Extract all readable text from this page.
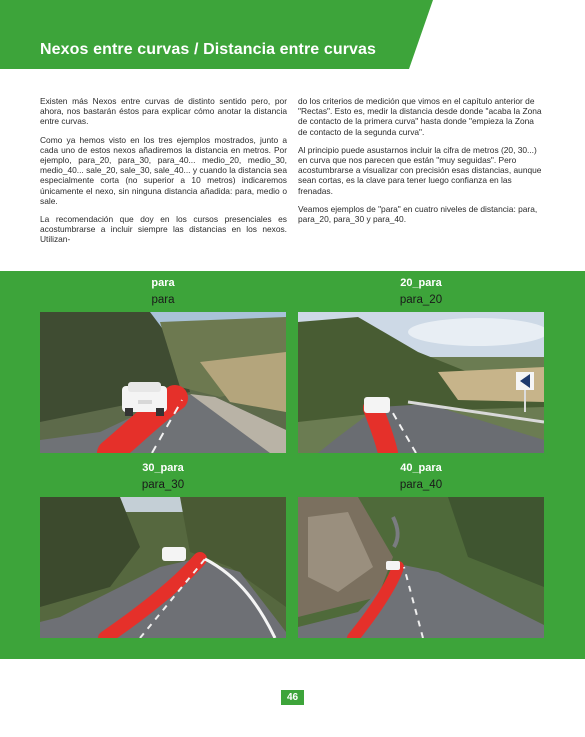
Nexos entre curvas / Distancia entre curvas

Existen más Nexos entre curvas de distinto sentido pero, por ahora, nos bastarán éstos para explicar cómo anotar la distancia entre curvas.

Como ya hemos visto en los tres ejemplos mostrados, junto a cada uno de estos nexos añadiremos la distancia en metros. Por ejemplo, para_20, para_30, para_40... medio_20, medio_30, medio_40... sale_20, sale_30, sale_40... y cuando la distancia sea especialmente corta (no superior a 10 metros) indicaremos únicamente el nexo, sin ninguna distancia añadida: para, medio o sale.

La recomendación que doy en los cursos presenciales es acostumbrarse a incluir siempre las distancias en los nexos. Utilizan-

do los criterios de medición que vimos en el capítulo anterior de "Rectas". Esto es, medir la distancia desde donde "acaba la Zona de contacto de la primera curva" hasta donde "empieza la Zona de contacto de la segunda curva".

Al principio puede asustarnos incluir la cifra de metros (20, 30...) en curva que nos parecen que están "muy seguidas". Pero acostumbrarse a visualizar con precisión esas distancias, aunque sean cortas, es la clave para tener luego confianza en las frenadas.

Veamos ejemplos de "para" en cuatro niveles de distancia: para, para_20, para_30 y para_40.

para
para
20_para
para_20
30_para
para_30
40_para
para_40
46
